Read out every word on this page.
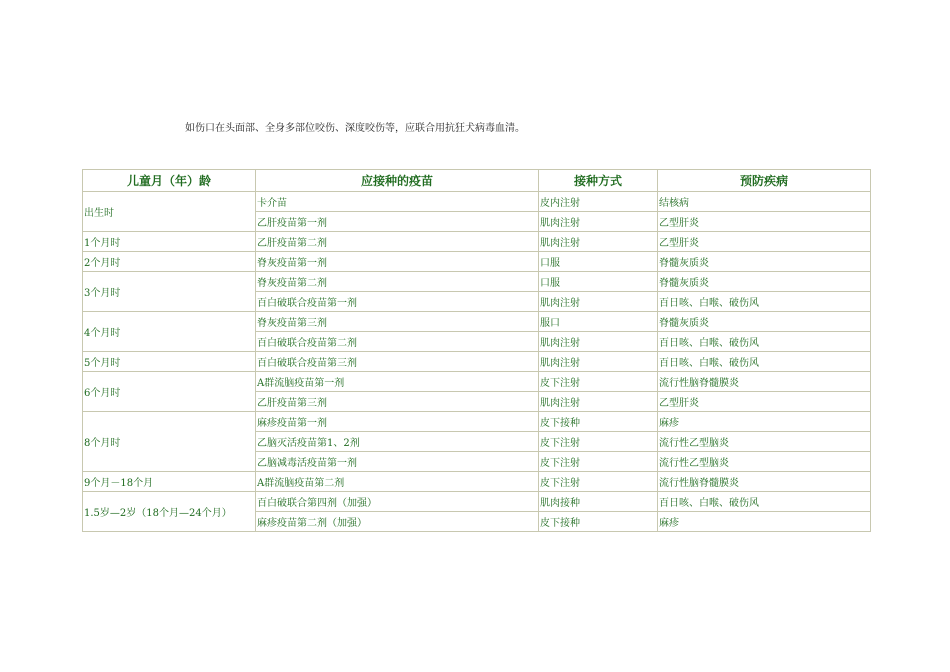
如伤口在头面部、全身多部位咬伤、深度咬伤等，应联合用抗狂犬病毒血清。

儿童月（年）龄	应接种的疫苗	接种方式	预防疾病
出生时	卡介苗	皮内注射	结核病
	乙肝疫苗第一剂	肌肉注射	乙型肝炎
1个月时	乙肝疫苗第二剂	肌肉注射	乙型肝炎
2个月时	脊灰疫苗第一剂	口服	脊髓灰质炎
3个月时	脊灰疫苗第二剂	口服	脊髓灰质炎
	百白破联合疫苗第一剂	肌肉注射	百日咳、白喉、破伤风
4个月时	脊灰疫苗第三剂	服口	脊髓灰质炎
	百白破联合疫苗第二剂	肌肉注射	百日咳、白喉、破伤风
5个月时	百白破联合疫苗第三剂	肌肉注射	百日咳、白喉、破伤风
6个月时	A群流脑疫苗第一剂	皮下注射	流行性脑脊髓膜炎
	乙肝疫苗第三剂	肌肉注射	乙型肝炎
8个月时	麻疹疫苗第一剂	皮下接种	麻疹
	乙脑灭活疫苗第1、2剂	皮下注射	流行性乙型脑炎
	乙脑减毒活疫苗第一剂	皮下注射	流行性乙型脑炎
9个月－18个月	A群流脑疫苗第二剂	皮下注射	流行性脑脊髓膜炎
1.5岁—2岁（18个月—24个月）	百白破联合第四剂（加强）	肌肉接种	百日咳、白喉、破伤风
	麻疹疫苗第二剂（加强）	皮下接种	麻疹
